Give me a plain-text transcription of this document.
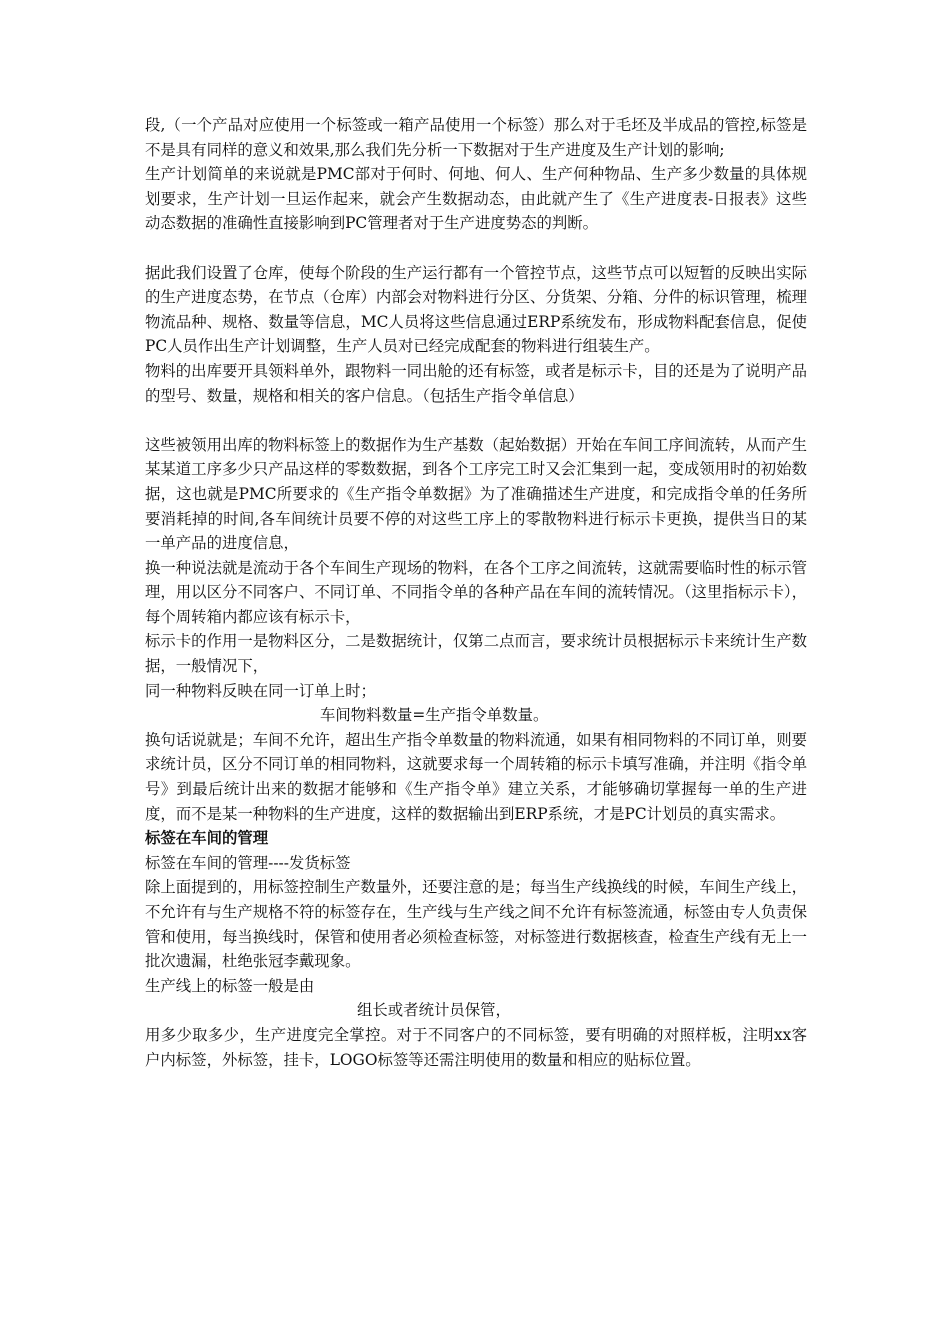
段,（一个产品对应使用一个标签或一箱产品使用一个标签）那么对于毛坯及半成品的管控,标签是不是具有同样的意义和效果,那么我们先分析一下数据对于生产进度及生产计划的影响;

生产计划简单的来说就是PMC部对于何时、何地、何人、生产何种物品、生产多少数量的具体规划要求，生产计划一旦运作起来，就会产生数据动态，由此就产生了《生产进度表-日报表》这些动态数据的准确性直接影响到PC管理者对于生产进度势态的判断。

据此我们设置了仓库，使每个阶段的生产运行都有一个管控节点，这些节点可以短暂的反映出实际的生产进度态势，在节点（仓库）内部会对物料进行分区、分货架、分箱、分件的标识管理，梳理物流品种、规格、数量等信息，MC人员将这些信息通过ERP系统发布，形成物料配套信息，促使PC人员作出生产计划调整，生产人员对已经完成配套的物料进行组装生产。

物料的出库要开具领料单外，跟物料一同出舱的还有标签，或者是标示卡，目的还是为了说明产品的型号、数量，规格和相关的客户信息。（包括生产指令单信息）

这些被领用出库的物料标签上的数据作为生产基数（起始数据）开始在车间工序间流转，从而产生某某道工序多少只产品这样的零数数据，到各个工序完工时又会汇集到一起，变成领用时的初始数据，这也就是PMC所要求的《生产指令单数据》为了准确描述生产进度，和完成指令单的任务所要消耗掉的时间,各车间统计员要不停的对这些工序上的零散物料进行标示卡更换，提供当日的某一单产品的进度信息，

换一种说法就是流动于各个车间生产现场的物料，在各个工序之间流转，这就需要临时性的标示管理，用以区分不同客户、不同订单、不同指令单的各种产品在车间的流转情况。（这里指标示卡），每个周转箱内都应该有标示卡，

标示卡的作用一是物料区分，二是数据统计，仅第二点而言，要求统计员根据标示卡来统计生产数据，一般情况下，

同一种物料反映在同一订单上时；

车间物料数量=生产指令单数量。

换句话说就是；车间不允许，超出生产指令单数量的物料流通，如果有相同物料的不同订单，则要求统计员，区分不同订单的相同物料，这就要求每一个周转箱的标示卡填写准确，并注明《指令单号》到最后统计出来的数据才能够和《生产指令单》建立关系，才能够确切掌握每一单的生产进度，而不是某一种物料的生产进度，这样的数据输出到ERP系统，才是PC计划员的真实需求。

标签在车间的管理

标签在车间的管理----发货标签

除上面提到的，用标签控制生产数量外，还要注意的是；每当生产线换线的时候，车间生产线上，不允许有与生产规格不符的标签存在，生产线与生产线之间不允许有标签流通，标签由专人负责保管和使用，每当换线时，保管和使用者必须检查标签，对标签进行数据核查，检查生产线有无上一批次遗漏，杜绝张冠李戴现象。

生产线上的标签一般是由

组长或者统计员保管，

用多少取多少，生产进度完全掌控。对于不同客户的不同标签，要有明确的对照样板，注明xx客户内标签，外标签，挂卡，LOGO标签等还需注明使用的数量和相应的贴标位置。
